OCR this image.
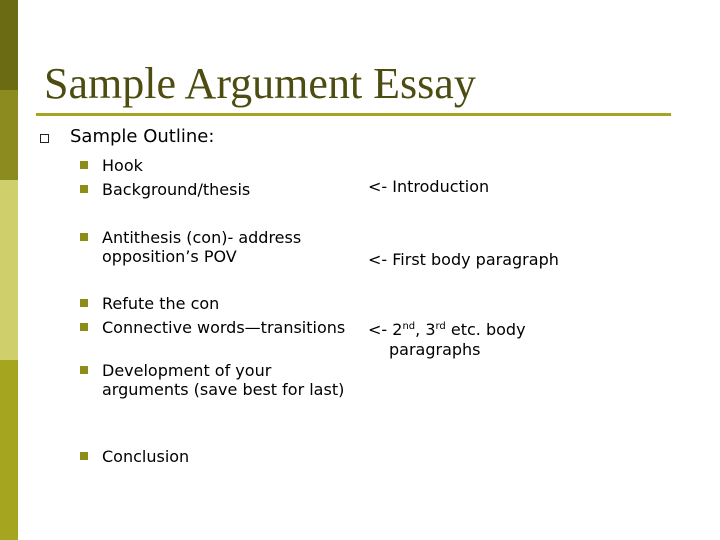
Sample Argument Essay
Sample Outline:
Hook
Background/thesis
Antithesis (con)- address opposition’s POV
Refute the con
Connective words—transitions
Development of your arguments (save best for last)
Conclusion
<- Introduction
<- First body paragraph
<- 2nd, 3rd etc. body
paragraphs
